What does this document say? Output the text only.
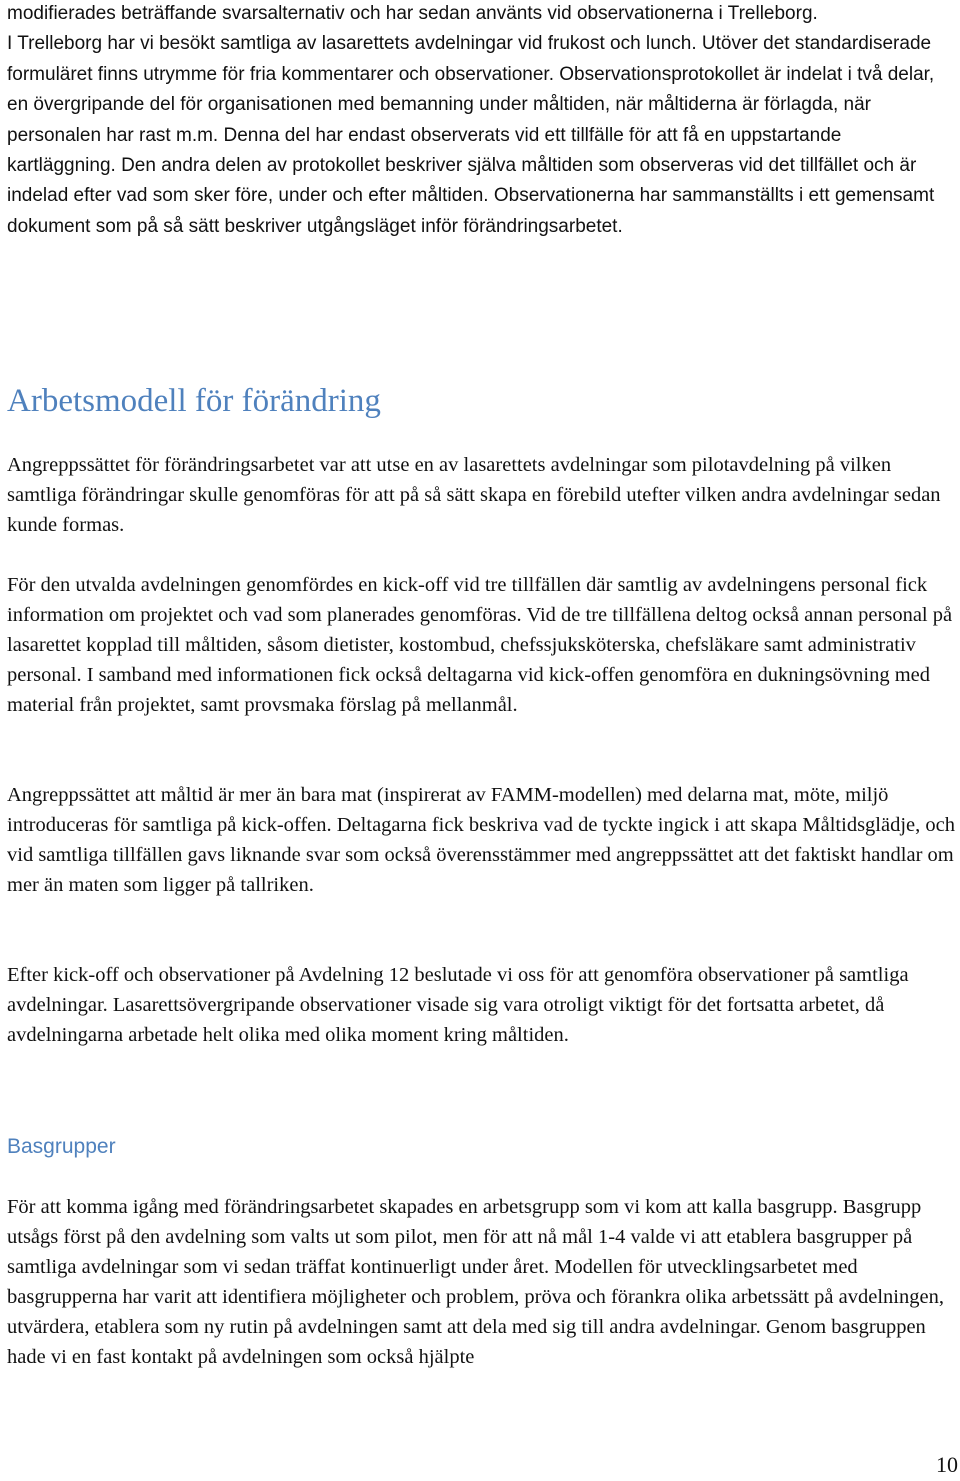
modifierades beträffande svarsalternativ och har sedan använts vid observationerna i Trelleborg.

I Trelleborg har vi besökt samtliga av lasarettets avdelningar vid frukost och lunch. Utöver det standardiserade formuläret finns utrymme för fria kommentarer och observationer. Observationsprotokollet är indelat i två delar, en övergripande del för organisationen med bemanning under måltiden, när måltiderna är förlagda, när personalen har rast m.m. Denna del har endast observerats vid ett tillfälle för att få en uppstartande kartläggning. Den andra delen av protokollet beskriver själva måltiden som observeras vid det tillfället och är indelad efter vad som sker före, under och efter måltiden. Observationerna har sammanställts i ett gemensamt dokument som på så sätt beskriver utgångsläget inför förändringsarbetet.

Arbetsmodell för förändring

Angreppssättet för förändringsarbetet var att utse en av lasarettets avdelningar som pilotavdelning på vilken samtliga förändringar skulle genomföras för att på så sätt skapa en förebild utefter vilken andra avdelningar sedan kunde formas.

För den utvalda avdelningen genomfördes en kick-off vid tre tillfällen där samtlig av avdelningens personal fick information om projektet och vad som planerades genomföras. Vid de tre tillfällena deltog också annan personal på lasarettet kopplad till måltiden, såsom dietister, kostombud, chefssjuksköterska, chefsläkare samt administrativ personal. I samband med informationen fick också deltagarna vid kick-offen genomföra en dukningsövning med material från projektet, samt provsmaka förslag på mellanmål.

Angreppssättet att måltid är mer än bara mat (inspirerat av FAMM-modellen) med delarna mat, möte, miljö introduceras för samtliga på kick-offen. Deltagarna fick beskriva vad de tyckte ingick i att skapa Måltidsglädje, och vid samtliga tillfällen gavs liknande svar som också överensstämmer med angreppssättet att det faktiskt handlar om mer än maten som ligger på tallriken.

Efter kick-off och observationer på Avdelning 12 beslutade vi oss för att genomföra observationer på samtliga avdelningar. Lasarettsövergripande observationer visade sig vara otroligt viktigt för det fortsatta arbetet, då avdelningarna arbetade helt olika med olika moment kring måltiden.

Basgrupper

För att komma igång med förändringsarbetet skapades en arbetsgrupp som vi kom att kalla basgrupp. Basgrupp utsågs först på den avdelning som valts ut som pilot, men för att nå mål 1-4 valde vi att etablera basgrupper på samtliga avdelningar som vi sedan träffat kontinuerligt under året. Modellen för utvecklingsarbetet med basgrupperna har varit att identifiera möjligheter och problem, pröva och förankra olika arbetssätt på avdelningen, utvärdera, etablera som ny rutin på avdelningen samt att dela med sig till andra avdelningar. Genom basgruppen hade vi en fast kontakt på avdelningen som också hjälpte

10
